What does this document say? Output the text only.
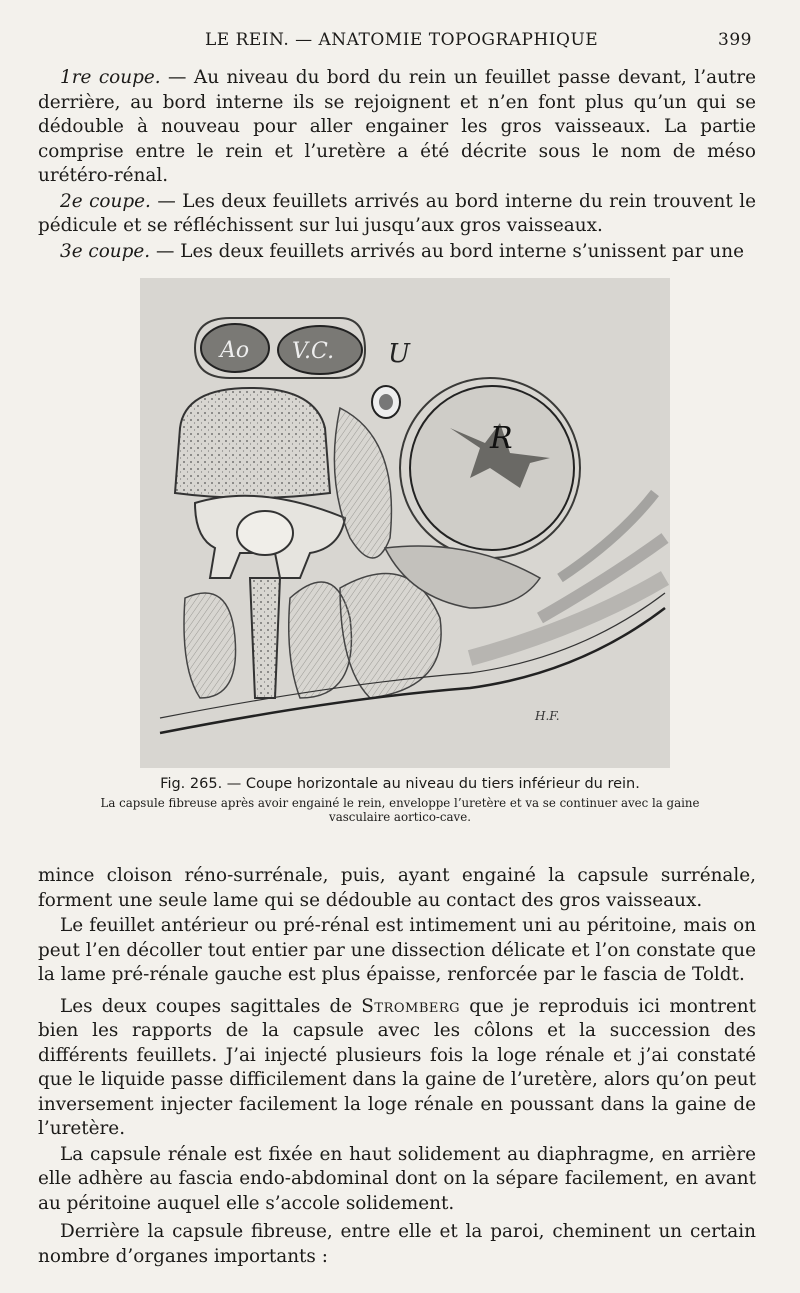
LE REIN. — ANATOMIE TOPOGRAPHIQUE	399

1re coupe. — Au niveau du bord du rein un feuillet passe devant, l’autre derrière, au bord interne ils se rejoignent et n’en font plus qu’un qui se dédouble à nouveau pour aller engainer les gros vaisseaux. La partie comprise entre le rein et l’uretère a été décrite sous le nom de méso urétéro-rénal.

2e coupe. — Les deux feuillets arrivés au bord interne du rein trouvent le pédicule et se réfléchissent sur lui jusqu’aux gros vaisseaux.

3e coupe. — Les deux feuillets arrivés au bord interne s’unissent par une

Ao V.C. U
R
H.F.

Fig. 265. — Coupe horizontale au niveau du tiers inférieur du rein.

La capsule fibreuse après avoir engainé le rein, enveloppe l’uretère et va se continuer avec la gaine vasculaire aortico-cave.

mince cloison réno-surrénale, puis, ayant engainé la capsule surrénale, forment une seule lame qui se dédouble au contact des gros vaisseaux.

Le feuillet antérieur ou pré-rénal est intimement uni au péritoine, mais on peut l’en décoller tout entier par une dissection délicate et l’on constate que la lame pré-rénale gauche est plus épaisse, renforcée par le fascia de Toldt.

Les deux coupes sagittales de Stromberg que je reproduis ici montrent bien les rapports de la capsule avec les côlons et la succession des différents feuillets. J’ai injecté plusieurs fois la loge rénale et j’ai constaté que le liquide passe difficilement dans la gaine de l’uretère, alors qu’on peut inversement injecter facilement la loge rénale en poussant dans la gaine de l’uretère.

La capsule rénale est fixée en haut solidement au diaphragme, en arrière elle adhère au fascia endo-abdominal dont on la sépare facilement, en avant au péritoine auquel elle s’accole solidement.

Derrière la capsule fibreuse, entre elle et la paroi, cheminent un certain nombre d’organes importants :
